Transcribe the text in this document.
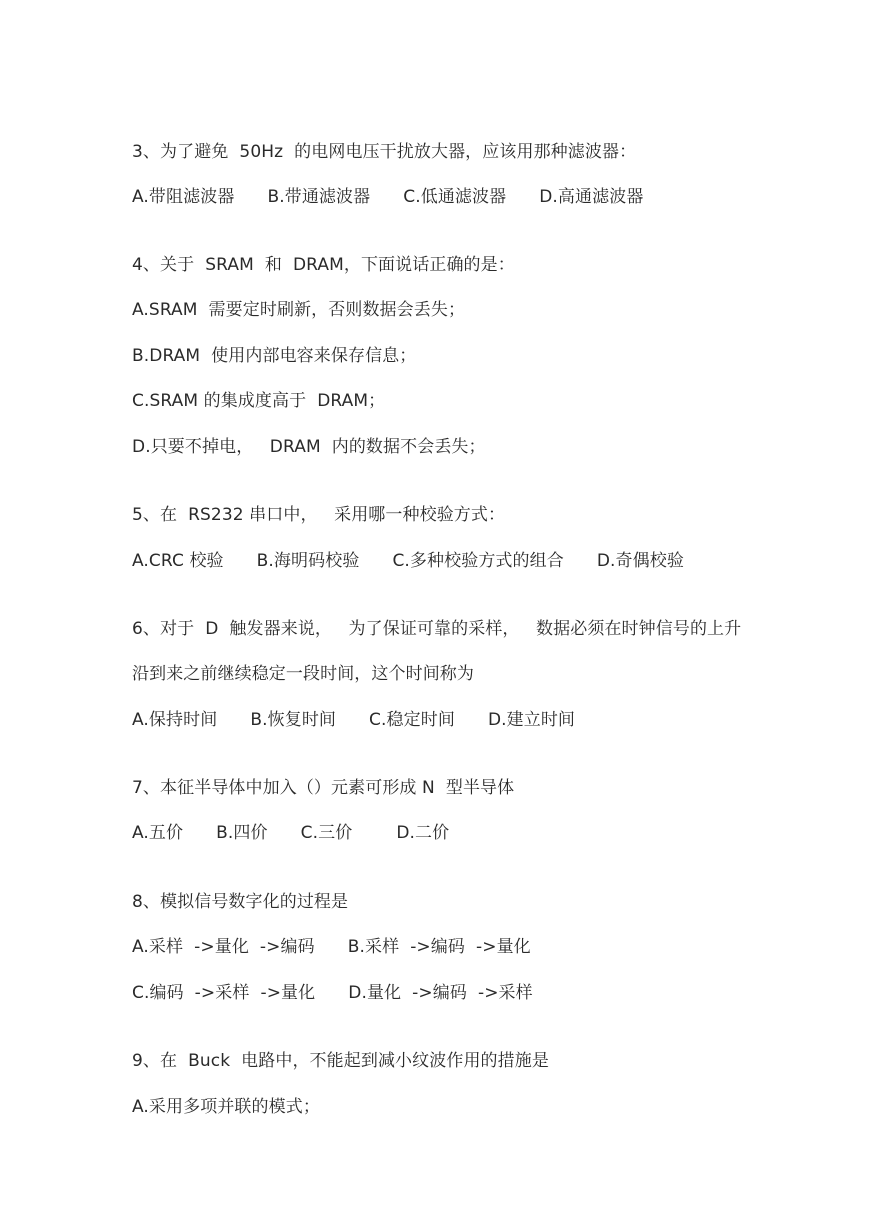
3、为了避免  50Hz  的电网电压干扰放大器，应该用那种滤波器：
A.带阻滤波器      B.带通滤波器      C.低通滤波器      D.高通滤波器
4、关于  SRAM  和  DRAM，下面说话正确的是：
A.SRAM  需要定时刷新，否则数据会丢失；
B.DRAM  使用内部电容来保存信息；
C.SRAM 的集成度高于  DRAM；
D.只要不掉电，   DRAM  内的数据不会丢失；
5、在  RS232 串口中，   采用哪一种校验方式：
A.CRC 校验      B.海明码校验      C.多种校验方式的组合      D.奇偶校验
6、对于  D  触发器来说，   为了保证可靠的采样，   数据必须在时钟信号的上升
沿到来之前继续稳定一段时间，这个时间称为
A.保持时间      B.恢复时间      C.稳定时间      D.建立时间
7、本征半导体中加入（）元素可形成 N  型半导体
A.五价      B.四价      C.三价        D.二价
8、模拟信号数字化的过程是
A.采样  ->量化  ->编码      B.采样  ->编码  ->量化
C.编码  ->采样  ->量化      D.量化  ->编码  ->采样
9、在  Buck  电路中，不能起到减小纹波作用的措施是
A.采用多项并联的模式；
